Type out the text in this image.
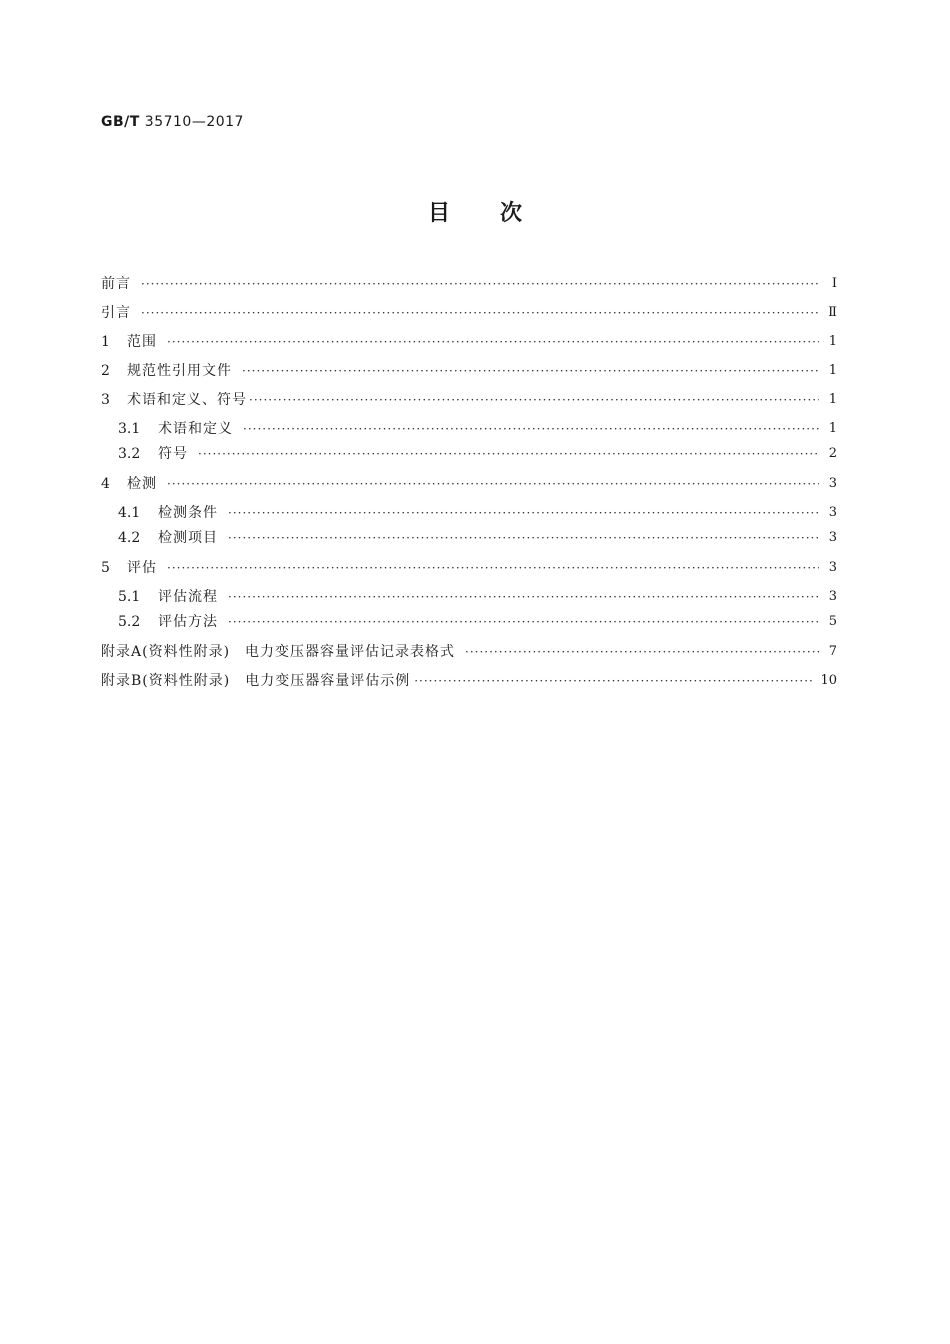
GB/T 35710—2017
目 次
前言 ·····	Ⅰ
引言 ·····	Ⅱ
1 范围 ·····	1
2 规范性引用文件 ·····	1
3 术语和定义、符号 ·····	1
3.1 术语和定义 ·····	1
3.2 符号 ·····	2
4 检测 ·····	3
4.1 检测条件 ·····	3
4.2 检测项目 ·····	3
5 评估 ·····	3
5.1 评估流程 ·····	3
5.2 评估方法 ·····	5
附录A(资料性附录)　电力变压器容量评估记录表格式 ·····	7
附录B(资料性附录)　电力变压器容量评估示例 ·····	10
